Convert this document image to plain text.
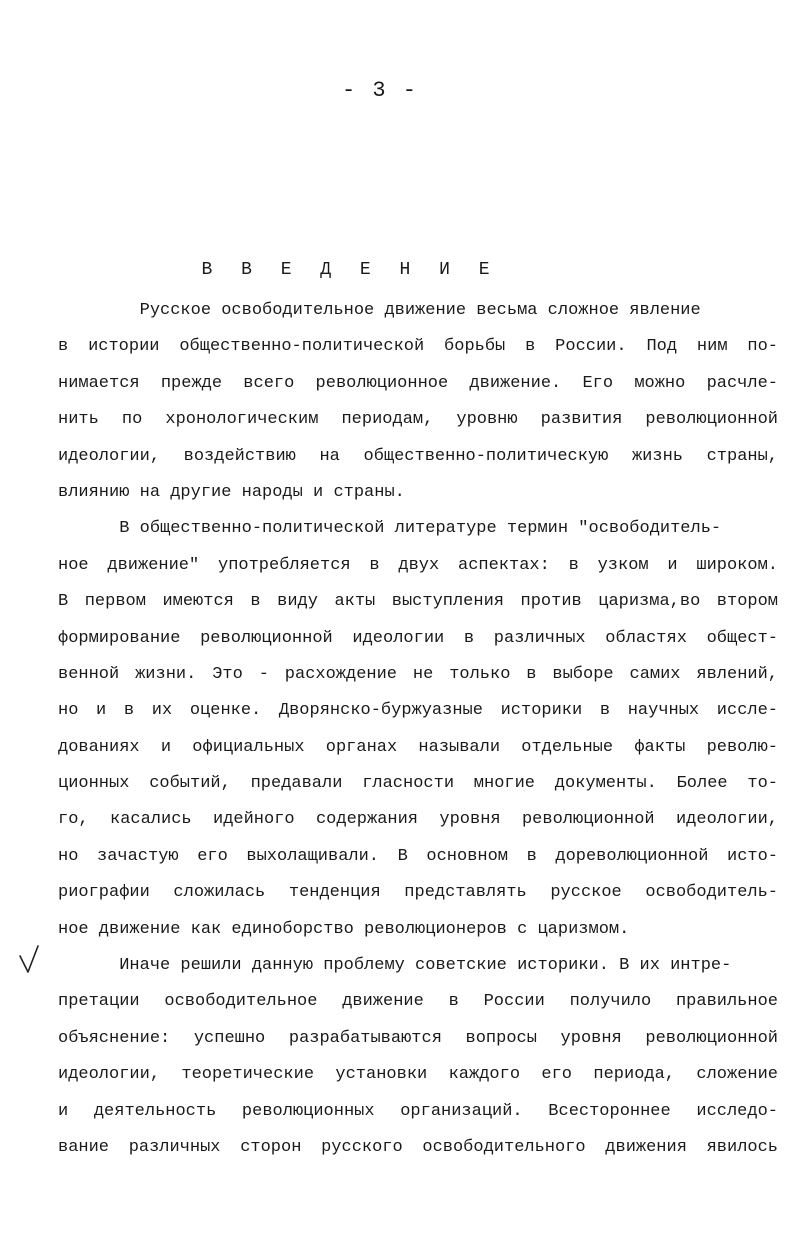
- 3 -
В В Е Д Е Н И Е
Русское освободительное движение весьма сложное явление
в истории общественно-политической борьбы в России. Под ним по-
нимается прежде всего революционное движение. Его можно расчле-
нить по хронологическим периодам, уровню развития революционной
идеологии, воздействию на общественно-политическую жизнь страны,
влиянию на другие народы и страны.
В общественно-политической литературе термин "освободитель-
ное движение" употребляется в двух аспектах: в узком и широком.
В первом имеются в виду акты выступления против царизма,во втором
формирование революционной идеологии в различных областях общест-
венной жизни. Это - расхождение не только в выборе самих явлений,
но и в их оценке. Дворянско-буржуазные историки в научных иссле-
дованиях и официальных органах называли отдельные факты револю-
ционных событий, предавали гласности многие документы. Более то-
го, касались идейного содержания уровня революционной идеологии,
но зачастую его выхолащивали. В основном в дореволюционной исто-
риографии сложилась тенденция представлять русское освободитель-
ное движение как единоборство революционеров с царизмом.
Иначе решили данную проблему советские историки. В их интре-
претации освободительное движение в России получило правильное
объяснение: успешно разрабатываются вопросы уровня революционной
идеологии, теоретические установки каждого его периода, сложение
и деятельность революционных организаций. Всестороннее исследо-
вание различных сторон русского освободительного движения явилось
